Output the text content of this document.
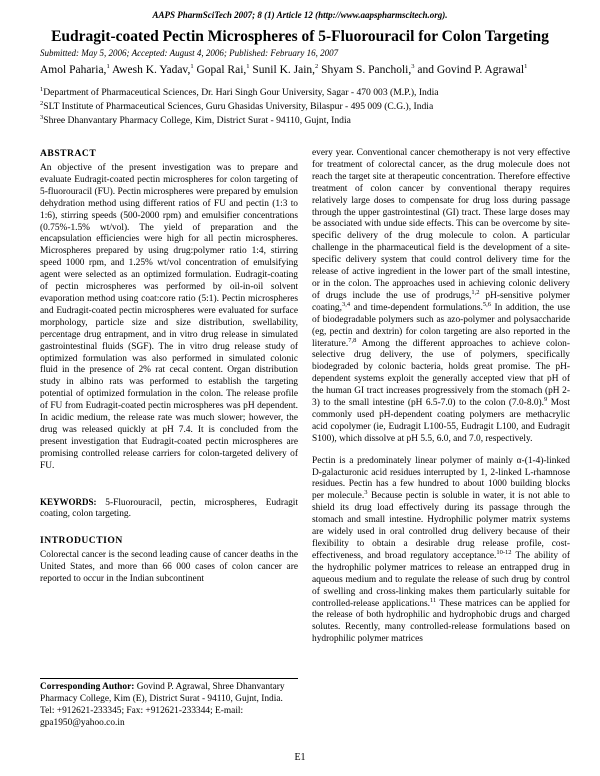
AAPS PharmSciTech 2007; 8 (1) Article 12 (http://www.aapspharmscitech.org).
Eudragit-coated Pectin Microspheres of 5-Fluorouracil for Colon Targeting
Submitted: May 5, 2006; Accepted: August 4, 2006; Published: February 16, 2007
Amol Paharia,$^1$ Awesh K. Yadav,$^1$ Gopal Rai,$^1$ Sunil K. Jain,$^2$ Shyam S. Pancholi,$^3$ and Govind P. Agrawal$^1$
$^1$Department of Pharmaceutical Sciences, Dr. Hari Singh Gour University, Sagar - 470 003 (M.P.), India
$^2$SLT Institute of Pharmaceutical Sciences, Guru Ghasidas University, Bilaspur - 495 009 (C.G.), India
$^3$Shree Dhanvantary Pharmacy College, Kim, District Surat - 94110, Gujnt, India
ABSTRACT

An objective of the present investigation was to prepare and evaluate Eudragit-coated pectin microspheres for colon targeting of 5-fluorouracil (FU). Pectin microspheres were prepared by emulsion dehydration method using different ratios of FU and pectin (1:3 to 1:6), stirring speeds (500-2000 rpm) and emulsifier concentrations (0.75%-1.5% wt/vol). The yield of preparation and the encapsulation efficiencies were high for all pectin microspheres. Microspheres prepared by using drug:polymer ratio 1:4, stirring speed 1000 rpm, and 1.25% wt/vol concentration of emulsifying agent were selected as an optimized formulation. Eudragit-coating of pectin microspheres was performed by oil-in-oil solvent evaporation method using coat:core ratio (5:1). Pectin microspheres and Eudragit-coated pectin microspheres were evaluated for surface morphology, particle size and size distribution, swellability, percentage drug entrapment, and in vitro drug release in simulated gastrointestinal fluids (SGF). The in vitro drug release study of optimized formulation was also performed in simulated colonic fluid in the presence of 2% rat cecal content. Organ distribution study in albino rats was performed to establish the targeting potential of optimized formulation in the colon. The release profile of FU from Eudragit-coated pectin microspheres was pH dependent. In acidic medium, the release rate was much slower; however, the drug was released quickly at pH 7.4. It is concluded from the present investigation that Eudragit-coated pectin microspheres are promising controlled release carriers for colon-targeted delivery of FU.

KEYWORDS: 5-Fluorouracil, pectin, microspheres, Eudragit coating, colon targeting.

INTRODUCTION

Colorectal cancer is the second leading cause of cancer deaths in the United States, and more than 66 000 cases of colon cancer are reported to occur in the Indian subcontinent

Corresponding Author: Govind P. Agrawal, Shree Dhanvantary Pharmacy College, Kim (E), District Surat - 94110, Gujnt, India. Tel: +912621-233345; Fax: +912621-233344; E-mail: gpa1950@yahoo.co.in

every year. Conventional cancer chemotherapy is not very effective for treatment of colorectal cancer, as the drug molecule does not reach the target site at therapeutic concentration. Therefore effective treatment of colon cancer by conventional therapy requires relatively large doses to compensate for drug loss during passage through the upper gastrointestinal (GI) tract. These large doses may be associated with undue side effects. This can be overcome by site-specific delivery of the drug molecule to colon. A particular challenge in the pharmaceutical field is the development of a site-specific delivery system that could control delivery time for the release of active ingredient in the lower part of the small intestine, or in the colon. The approaches used in achieving colonic delivery of drugs include the use of prodrugs,$^{1,2}$ pH-sensitive polymer coating,$^{3,4}$ and time-dependent formulations.$^{5,6}$ In addition, the use of biodegradable polymers such as azo-polymer and polysaccharide (eg, pectin and dextrin) for colon targeting are also reported in the literature.$^{7,8}$ Among the different approaches to achieve colon-selective drug delivery, the use of polymers, specifically biodegraded by colonic bacteria, holds great promise. The pH-dependent systems exploit the generally accepted view that pH of the human GI tract increases progressively from the stomach (pH 2-3) to the small intestine (pH 6.5-7.0) to the colon (7.0-8.0).$^9$ Most commonly used pH-dependent coating polymers are methacrylic acid copolymer (ie, Eudragit L100-55, Eudragit L100, and Eudragit S100), which dissolve at pH 5.5, 6.0, and 7.0, respectively.

Pectin is a predominately linear polymer of mainly α-(1-4)-linked D-galacturonic acid residues interrupted by 1, 2-linked L-rhamnose residues. Pectin has a few hundred to about 1000 building blocks per molecule.$^3$ Because pectin is soluble in water, it is not able to shield its drug load effectively during its passage through the stomach and small intestine. Hydrophilic polymer matrix systems are widely used in oral controlled drug delivery because of their flexibility to obtain a desirable drug release profile, cost-effectiveness, and broad regulatory acceptance.$^{10-12}$ The ability of the hydrophilic polymer matrices to release an entrapped drug in aqueous medium and to regulate the release of such drug by control of swelling and cross-linking makes them particularly suitable for controlled-release applications.$^{11}$ These matrices can be applied for the release of both hydrophilic and hydrophobic drugs and charged solutes. Recently, many controlled-release formulations based on hydrophilic polymer matrices

E1
